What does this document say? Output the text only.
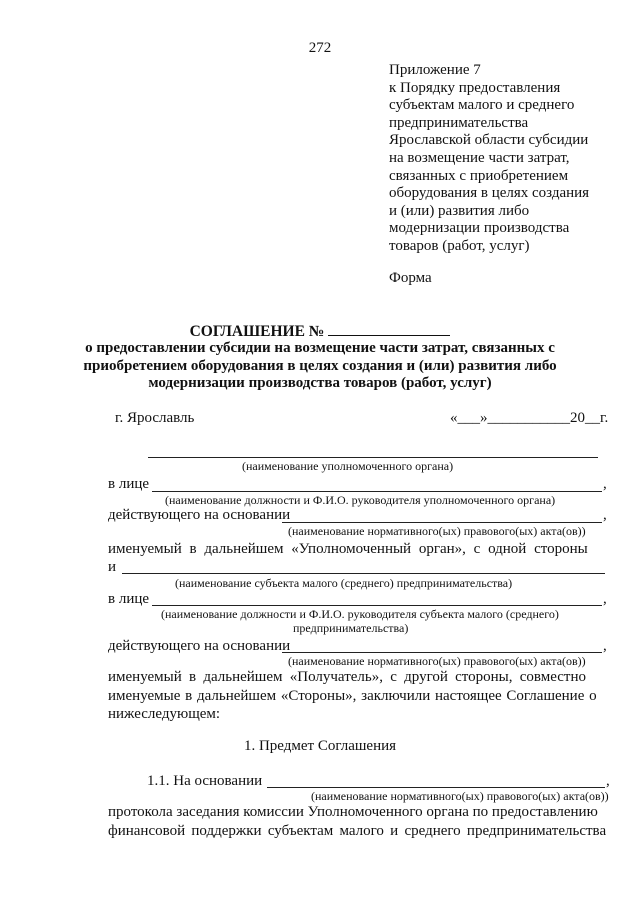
272
Приложение 7
к Порядку предоставления
субъектам малого и среднего
предпринимательства
Ярославской области субсидии
на возмещение части затрат,
связанных с приобретением
оборудования в целях создания
и (или) развития либо
модернизации производства
товаров (работ, услуг)
Форма
СОГЛАШЕНИЕ №
о предоставлении субсидии на возмещение части затрат, связанных с
приобретением оборудования в целях создания и (или) развития либо
модернизации производства товаров (работ, услуг)
г. Ярославль	«___»___________20__г.
(наименование уполномоченного органа)
в лице	,
(наименование должности и Ф.И.О. руководителя уполномоченного органа)
действующего на основании	,
(наименование нормативного(ых) правового(ых) акта(ов))
именуемый в дальнейшем «Уполномоченный орган», с одной стороны
и
(наименование субъекта малого (среднего) предпринимательства)
в лице	,
(наименование должности и Ф.И.О. руководителя субъекта малого (среднего)
предпринимательства)
действующего на основании	,
(наименование нормативного(ых) правового(ых) акта(ов))
именуемый в дальнейшем «Получатель», с другой стороны, совместно
именуемые в дальнейшем «Стороны», заключили настоящее Соглашение о
нижеследующем:
1. Предмет Соглашения
1.1. На основании	,
(наименование нормативного(ых) правового(ых) акта(ов))
протокола заседания комиссии Уполномоченного органа по предоставлению
финансовой поддержки субъектам малого и среднего предпринимательства
